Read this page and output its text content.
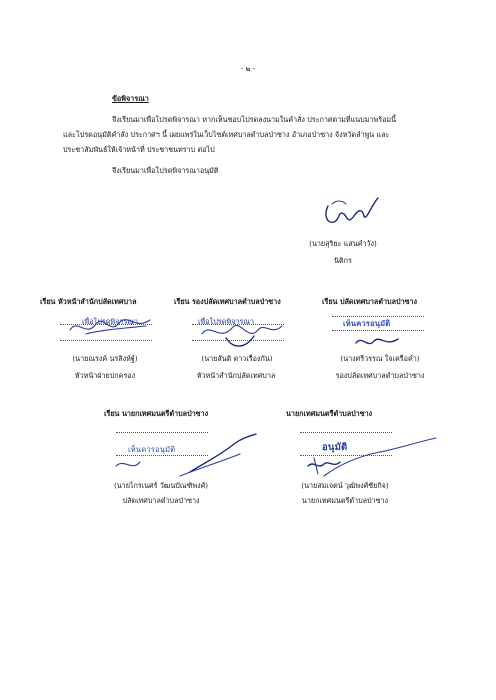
- ๒ -
ข้อพิจารณา
จึงเรียนมาเพื่อโปรดพิจารณา หากเห็นชอบโปรดลงนามในคำสั่ง ประกาศตามที่แนบมาพร้อมนี้
และโปรดอนุมัติคำสั่ง ประกาศฯ นี้ เผยแพร่ในเว็บไซต์เทศบาลตำบลป่าซาง อำเภอป่าซาง จังหวัดลำพูน และ
ประชาสัมพันธ์ให้เจ้าหน้าที่ ประชาชนทราบ ต่อไป
จึงเรียนมาเพื่อโปรดพิจารณาอนุมัติ
(นายสุริยะ แสนคำวัง)
นิติกร
เรียน หัวหน้าสำนักปลัดเทศบาล
เพื่อโปรดพิจารณา
(นายณรงค์ นรสิงห์ฐ์)
หัวหน้าฝ่ายปกครอง
เรียน รองปลัดเทศบาลตำบลป่าซาง
เพื่อโปรดพิจารณา
(นายสันติ ดาวเรืองกัน)
หัวหน้าสำนักปลัดเทศบาล
เรียน ปลัดเทศบาลตำบลป่าซาง
เห็นควรอนุมัติ
(นางศรีวรรณ ใจเครือคำ)
รองปลัดเทศบาลตำบลป่าซาง
เรียน นายกเทศมนตรีตำบลป่าซาง
เห็นควรอนุมัติ
(นายไกรเนศร์ วัฒนบัณฑิพงศ์)
ปลัดเทศบาลตำบลป่าซาง
นายกเทศมนตรีตำบลป่าซาง
อนุมัติ
(นายสมเจตน์ วุฒิพงศ์ชัยกิจ)
นายกเทศมนตรีตำบลป่าซาง
